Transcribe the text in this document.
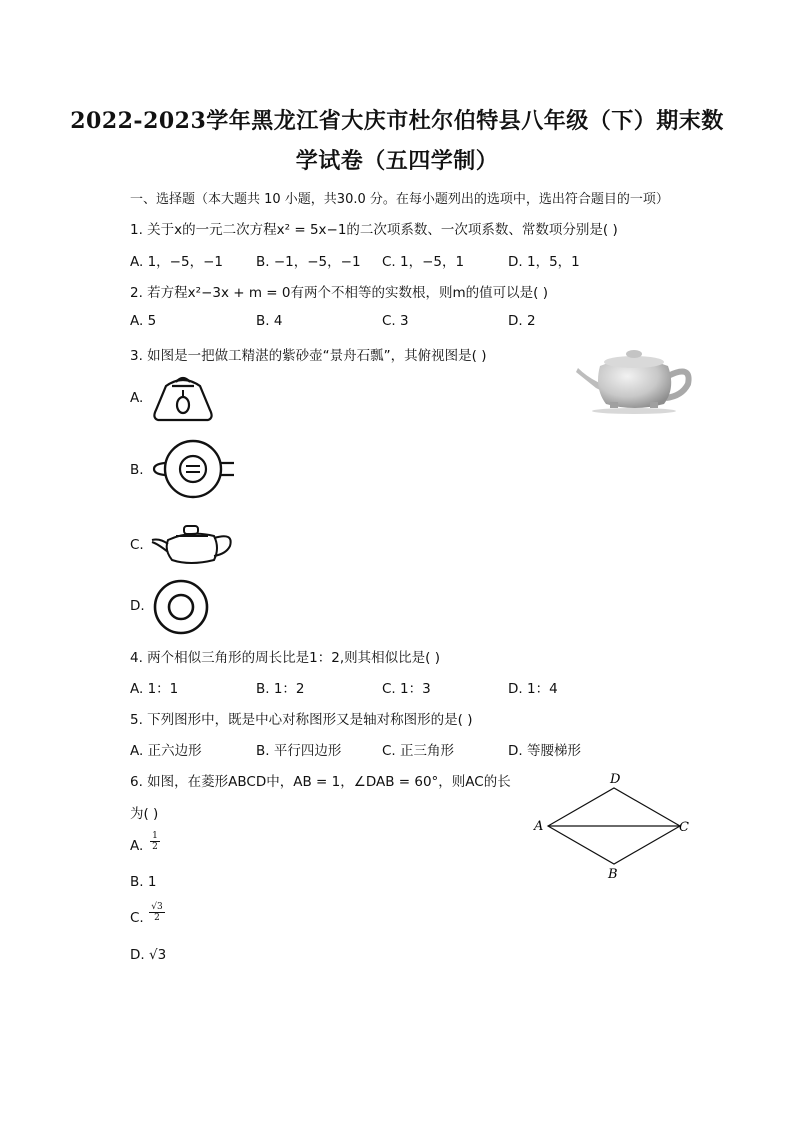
2022-2023学年黑龙江省大庆市杜尔伯特县八年级（下）期末数
学试卷（五四学制）
一、选择题（本大题共 10 小题，共30.0 分。在每小题列出的选项中，选出符合题目的一项）
1. 关于x的一元二次方程x² = 5x−1的二次项系数、一次项系数、常数项分别是( )
A. 1，−5，−1 B. −1，−5，−1 C. 1，−5，1	D. 1，5，1
2. 若方程x²−3x + m = 0有两个不相等的实数根，则m的值可以是( )
A. 5	B. 4	C. 3	D. 2
3. 如图是一把做工精湛的紫砂壶“景舟石瓢”，其俯视图是( )
A.
B.
C.
D.
4. 两个相似三角形的周长比是1：2,则其相似比是( )
A. 1：1	B. 1：2	C. 1：3	D. 1：4
5. 下列图形中，既是中心对称图形又是轴对称图形的是( )
A. 正六边形	B. 平行四边形	C. 正三角形	D. 等腰梯形
6. 如图，在菱形ABCD中，AB = 1，∠DAB = 60°，则AC的长
为( )
A
B
C
D
A.
1
2
B. 1
C.
√3
2
D. √3
